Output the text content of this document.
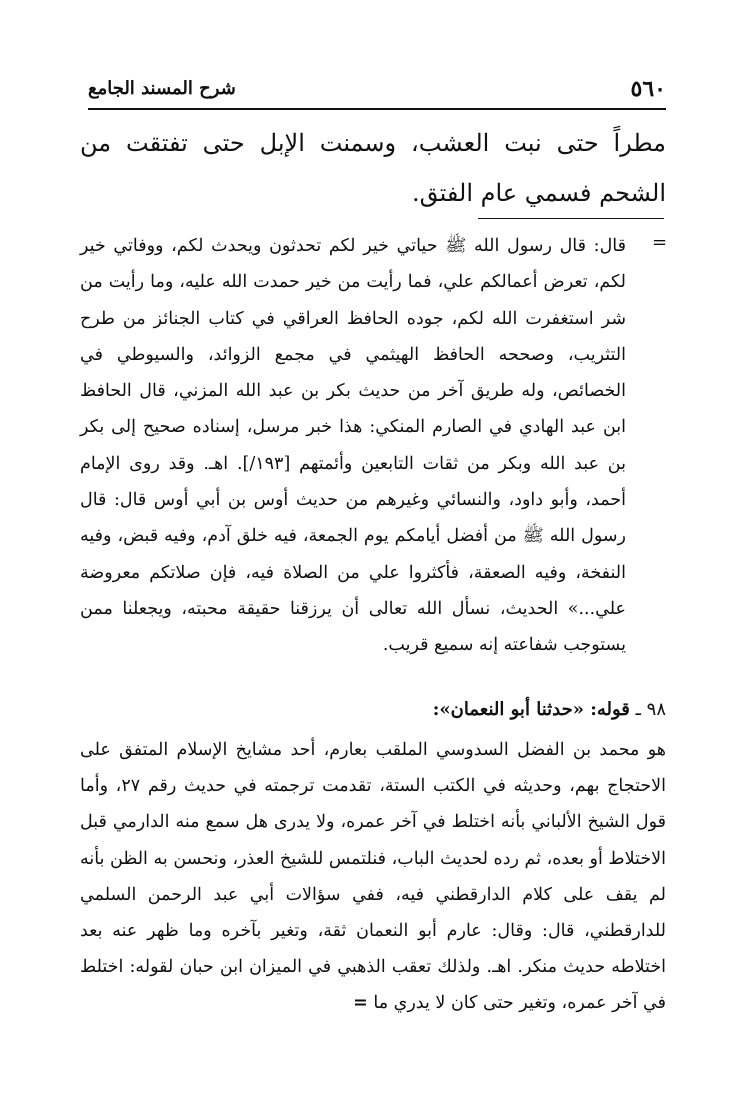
٥٦٠
شرح المسند الجامع
مطراً حتى نبت العشب، وسمنت الإبل حتى تفتقت من الشحم فسمي عام الفتق.
=
قال: قال رسول الله ﷺ حياتي خير لكم تحدثون ويحدث لكم، ووفاتي خير لكم، تعرض أعمالكم علي، فما رأيت من خير حمدت الله عليه، وما رأيت من شر استغفرت الله لكم، جوده الحافظ العراقي في كتاب الجنائز من طرح التثريب، وصححه الحافظ الهيثمي في مجمع الزوائد، والسيوطي في الخصائص، وله طريق آخر من حديث بكر بن عبد الله المزني، قال الحافظ ابن عبد الهادي في الصارم المنكي: هذا خبر مرسل، إسناده صحيح إلى بكر بن عبد الله وبكر من ثقات التابعين وأئمتهم [١٩٣/]. اهـ. وقد روى الإمام أحمد، وأبو داود، والنسائي وغيرهم من حديث أوس بن أبي أوس قال: قال رسول الله ﷺ من أفضل أيامكم يوم الجمعة، فيه خلق آدم، وفيه قبض، وفيه النفخة، وفيه الصعقة، فأكثروا علي من الصلاة فيه، فإن صلاتكم معروضة علي...» الحديث، نسأل الله تعالى أن يرزقنا حقيقة محبته، ويجعلنا ممن يستوجب شفاعته إنه سميع قريب.
٩٨ ـ قوله: «حدثنا أبو النعمان»:
هو محمد بن الفضل السدوسي الملقب بعارم، أحد مشايخ الإسلام المتفق على الاحتجاج بهم، وحديثه في الكتب الستة، تقدمت ترجمته في حديث رقم ٢٧، وأما قول الشيخ الألباني بأنه اختلط في آخر عمره، ولا يدرى هل سمع منه الدارمي قبل الاختلاط أو بعده، ثم رده لحديث الباب، فنلتمس للشيخ العذر، ونحسن به الظن بأنه لم يقف على كلام الدارقطني فيه، ففي سؤالات أبي عبد الرحمن السلمي للدارقطني، قال: وقال: عارم أبو النعمان ثقة، وتغير بآخره وما ظهر عنه بعد اختلاطه حديث منكر. اهـ. ولذلك تعقب الذهبي في الميزان ابن حبان لقوله: اختلط في آخر عمره، وتغير حتى كان لا يدري ما =
